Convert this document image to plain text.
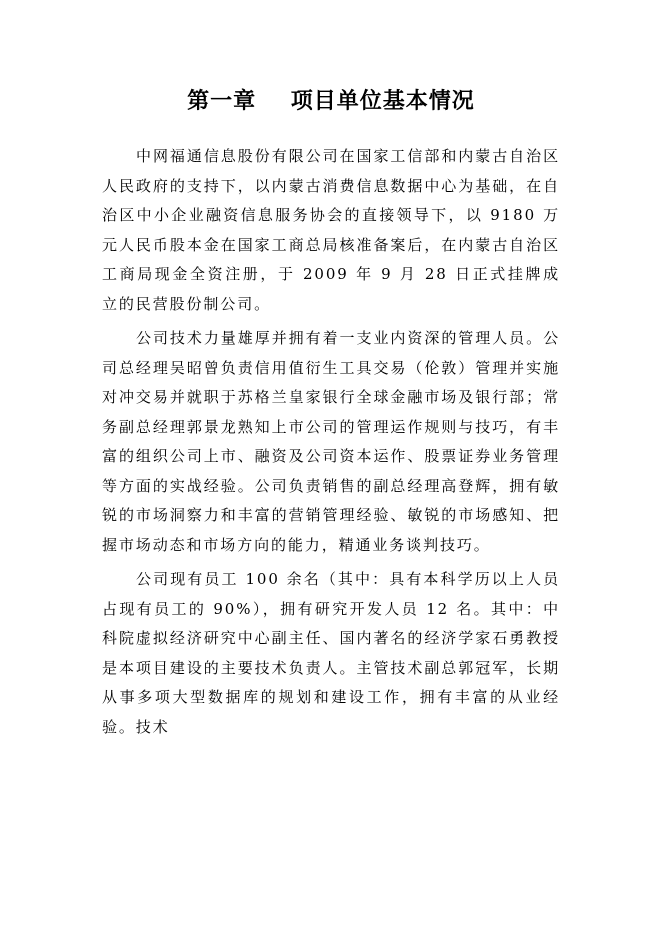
第一章    项目单位基本情况

中网福通信息股份有限公司在国家工信部和内蒙古自治区人民政府的支持下，以内蒙古消费信息数据中心为基础，在自治区中小企业融资信息服务协会的直接领导下，以 9180 万元人民币股本金在国家工商总局核准备案后，在内蒙古自治区工商局现金全资注册，于 2009 年 9 月 28 日正式挂牌成立的民营股份制公司。

公司技术力量雄厚并拥有着一支业内资深的管理人员。公司总经理吴昭曾负责信用值衍生工具交易（伦敦）管理并实施对冲交易并就职于苏格兰皇家银行全球金融市场及银行部；常务副总经理郭景龙熟知上市公司的管理运作规则与技巧，有丰富的组织公司上市、融资及公司资本运作、股票证券业务管理等方面的实战经验。公司负责销售的副总经理高登辉，拥有敏锐的市场洞察力和丰富的营销管理经验、敏锐的市场感知、把握市场动态和市场方向的能力，精通业务谈判技巧。

公司现有员工 100 余名（其中：具有本科学历以上人员占现有员工的 90%），拥有研究开发人员 12 名。其中：中科院虚拟经济研究中心副主任、国内著名的经济学家石勇教授是本项目建设的主要技术负责人。主管技术副总郭冠军，长期从事多项大型数据库的规划和建设工作，拥有丰富的从业经验。技术
